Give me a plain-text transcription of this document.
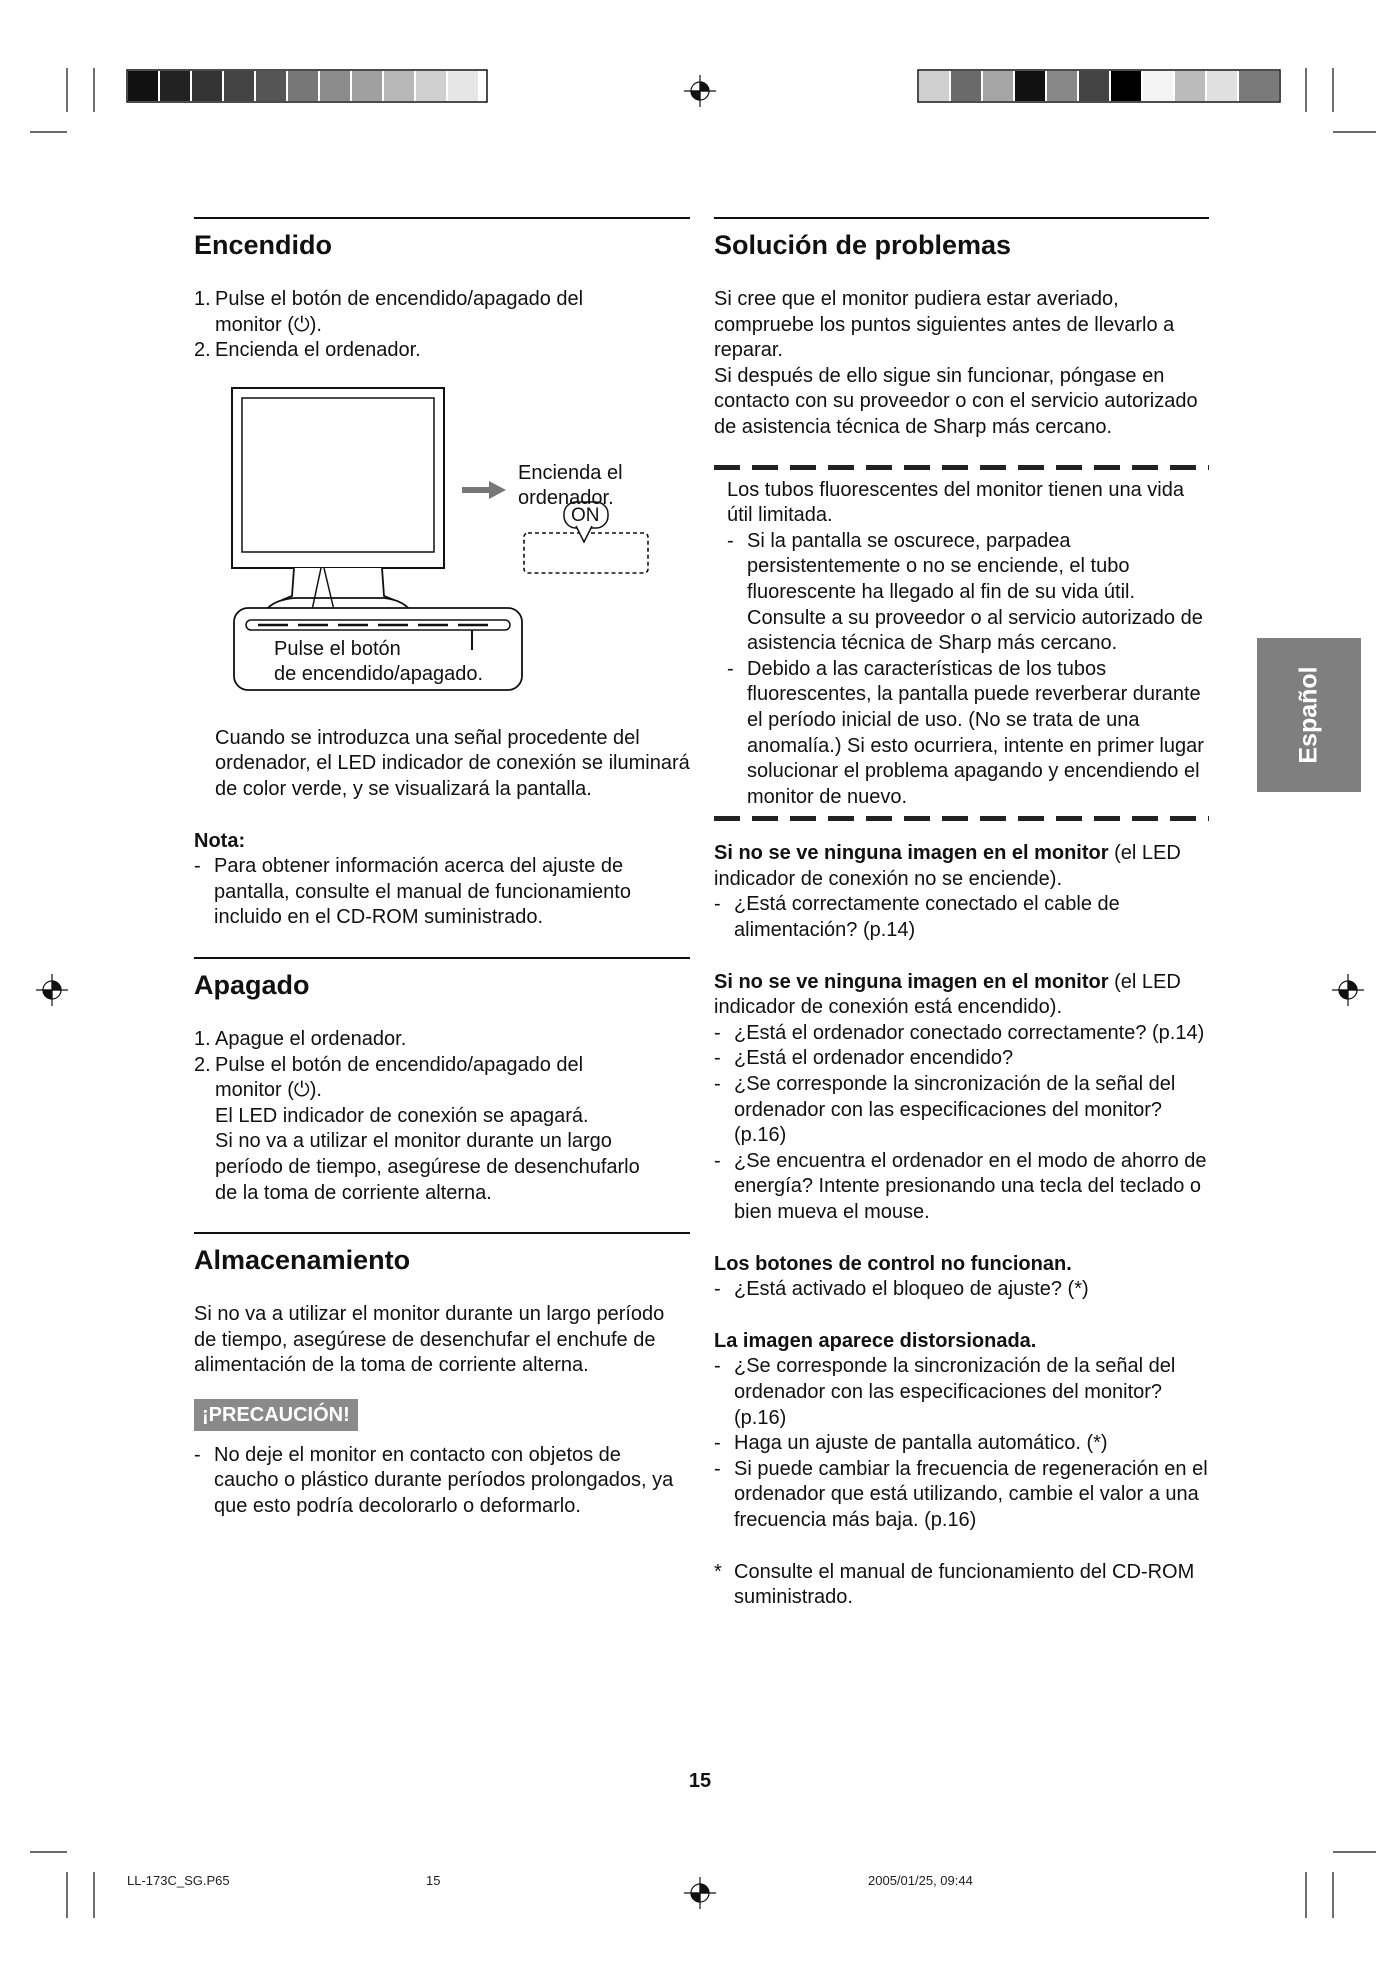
Encendido
1. Pulse el botón de encendido/apagado del
monitor (⏻).
2. Encienda el ordenador.
Encienda el
ordenador.
ON
Pulse el botón
de encendido/apagado.

Cuando se introduzca una señal procedente del ordenador, el LED indicador de conexión se iluminará de color verde, y se visualizará la pantalla.

Nota:

- Para obtener información acerca del ajuste de pantalla, consulte el manual de funcionamiento incluido en el CD-ROM suministrado.
Apagado
1. Apague el ordenador.
2. Pulse el botón de encendido/apagado del
monitor (⏻).
El LED indicador de conexión se apagará.
Si no va a utilizar el monitor durante un largo
período de tiempo, asegúrese de desenchufarlo
de la toma de corriente alterna.
Almacenamiento

Si no va a utilizar el monitor durante un largo período de tiempo, asegúrese de desenchufar el enchufe de alimentación de la toma de corriente alterna.

¡PRECAUCIÓN!
- No deje el monitor en contacto con objetos de caucho o plástico durante períodos prolongados, ya que esto podría decolorarlo o deformarlo.
Solución de problemas

Si cree que el monitor pudiera estar averiado, compruebe los puntos siguientes antes de llevarlo a reparar.

Si después de ello sigue sin funcionar, póngase en contacto con su proveedor o con el servicio autorizado de asistencia técnica de Sharp más cercano.

Los tubos fluorescentes del monitor tienen una vida útil limitada.

- Si la pantalla se oscurece, parpadea persistentemente o no se enciende, el tubo fluorescente ha llegado al fin de su vida útil. Consulte a su proveedor o al servicio autorizado de asistencia técnica de Sharp más cercano.
- Debido a las características de los tubos fluorescentes, la pantalla puede reverberar durante el período inicial de uso. (No se trata de una anomalía.) Si esto ocurriera, intente en primer lugar solucionar el problema apagando y encendiendo el monitor de nuevo.

Si no se ve ninguna imagen en el monitor (el LED indicador de conexión no se enciende).

- ¿Está correctamente conectado el cable de alimentación? (p.14)

Si no se ve ninguna imagen en el monitor (el LED indicador de conexión está encendido).

- ¿Está el ordenador conectado correctamente? (p.14)
- ¿Está el ordenador encendido?
- ¿Se corresponde la sincronización de la señal del ordenador con las especificaciones del monitor? (p.16)
- ¿Se encuentra el ordenador en el modo de ahorro de energía? Intente presionando una tecla del teclado o bien mueva el mouse.

Los botones de control no funcionan.

- ¿Está activado el bloqueo de ajuste? (*)

La imagen aparece distorsionada.

- ¿Se corresponde la sincronización de la señal del ordenador con las especificaciones del monitor? (p.16)
- Haga un ajuste de pantalla automático. (*)
- Si puede cambiar la frecuencia de regeneración en el ordenador que está utilizando, cambie el valor a una frecuencia más baja. (p.16)
* Consulte el manual de funcionamiento del CD-ROM suministrado.
Español
15
LL-173C_SG.P65	15	2005/01/25, 09:44
